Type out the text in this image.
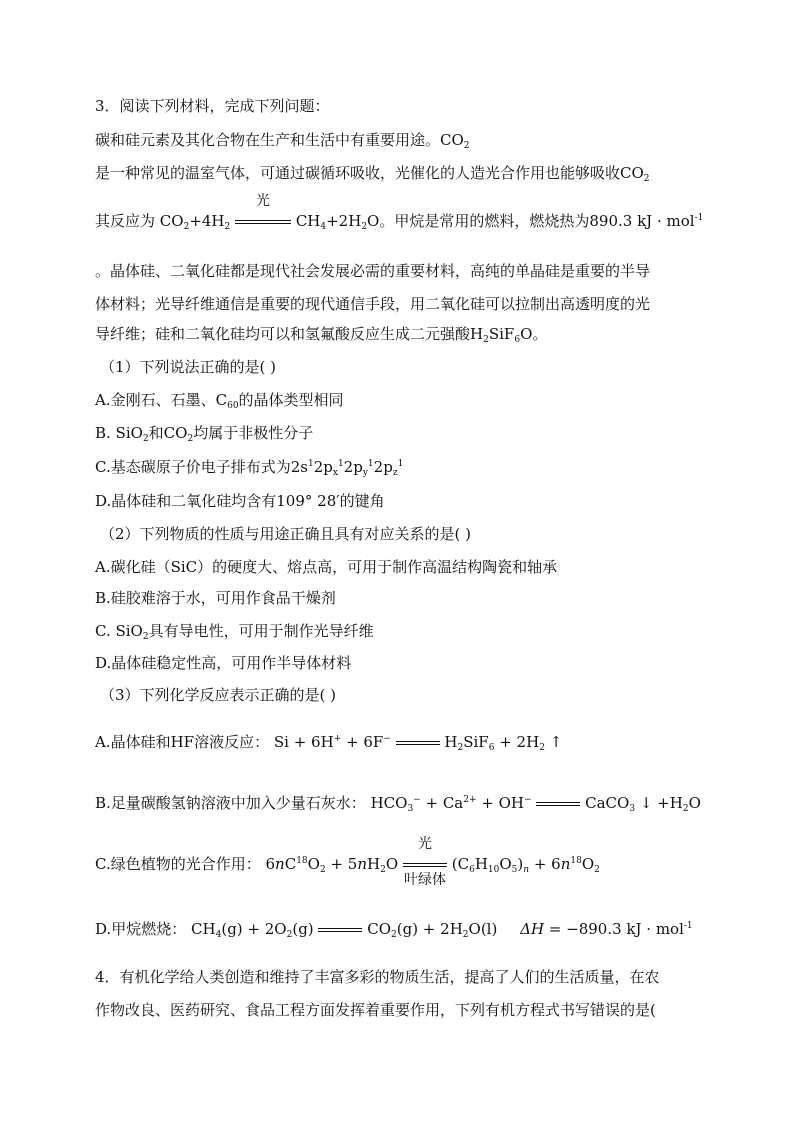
3．阅读下列材料，完成下列问题：
碳和硅元素及其化合物在生产和生活中有重要用途。$CO_2$
是一种常见的温室气体，可通过碳循环吸收，光催化的人造光合作用也能够吸收$CO_2$
其反应为 $CO_2+4H_2$
光
$CH_4+2H_2O$。甲烷是常用的燃料，燃烧热为890.3 kJ · mol$^{-1}$
。晶体硅、二氧化硅都是现代社会发展必需的重要材料，高纯的单晶硅是重要的半导
体材料；光导纤维通信是重要的现代通信手段，用二氧化硅可以拉制出高透明度的光
导纤维；硅和二氧化硅均可以和氢氟酸反应生成二元强酸$H_2SiF_6O$。
（1）下列说法正确的是( )
A.金刚石、石墨、$C_{60}$的晶体类型相同
B. SiO$_2$和$CO_2$均属于非极性分子
C.基态碳原子价电子排布式为$2s^12p_x^12p_y^12p_z^1$
D.晶体硅和二氧化硅均含有109° 28′的键角
（2）下列物质的性质与用途正确且具有对应关系的是( )
A.碳化硅（SiC）的硬度大、熔点高，可用于制作高温结构陶瓷和轴承
B.硅胶难溶于水，可用作食品干燥剂
C. SiO$_2$具有导电性，可用于制作光导纤维
D.晶体硅稳定性高，可用作半导体材料
（3）下列化学反应表示正确的是( )
A.晶体硅和HF溶液反应： Si + 6H+ + 6F−	$H_2SiF_6 + 2H_2$ ↑
B.足量碳酸氢钠溶液中加入少量石灰水： $HCO_3^- + Ca^{2+} + OH^-$	CaCO$_3$ ↓ $+H_2O$
C.绿色植物的光合作用： $6nC^{18}O_2 + 5nH_2O$
光
叶绿体
$(C_6H_{10}O_5)_n + 6n^{18}O_2$
D.甲烷燃烧： $CH_4(g) + 2O_2(g)$	$CO_2(g) + 2H_2O(l) \Delta H = -890.3$ kJ · mol$^{-1}$
4．有机化学给人类创造和维持了丰富多彩的物质生活，提高了人们的生活质量，在农
作物改良、医药研究、食品工程方面发挥着重要作用，下列有机方程式书写错误的是(
